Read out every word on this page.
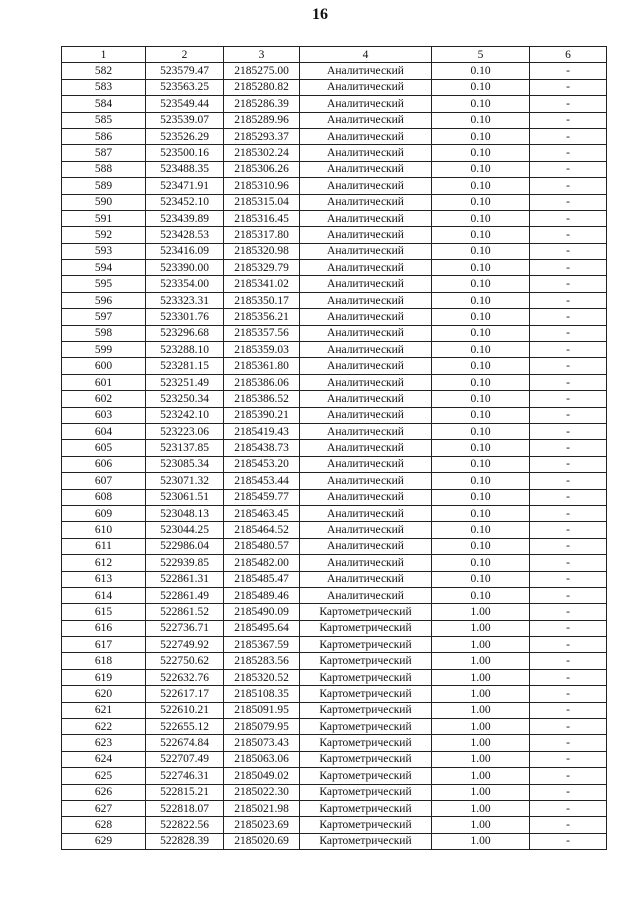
16
1	2	3	4	5	6
582	523579.47	2185275.00	Аналитический	0.10	-
583	523563.25	2185280.82	Аналитический	0.10	-
584	523549.44	2185286.39	Аналитический	0.10	-
585	523539.07	2185289.96	Аналитический	0.10	-
586	523526.29	2185293.37	Аналитический	0.10	-
587	523500.16	2185302.24	Аналитический	0.10	-
588	523488.35	2185306.26	Аналитический	0.10	-
589	523471.91	2185310.96	Аналитический	0.10	-
590	523452.10	2185315.04	Аналитический	0.10	-
591	523439.89	2185316.45	Аналитический	0.10	-
592	523428.53	2185317.80	Аналитический	0.10	-
593	523416.09	2185320.98	Аналитический	0.10	-
594	523390.00	2185329.79	Аналитический	0.10	-
595	523354.00	2185341.02	Аналитический	0.10	-
596	523323.31	2185350.17	Аналитический	0.10	-
597	523301.76	2185356.21	Аналитический	0.10	-
598	523296.68	2185357.56	Аналитический	0.10	-
599	523288.10	2185359.03	Аналитический	0.10	-
600	523281.15	2185361.80	Аналитический	0.10	-
601	523251.49	2185386.06	Аналитический	0.10	-
602	523250.34	2185386.52	Аналитический	0.10	-
603	523242.10	2185390.21	Аналитический	0.10	-
604	523223.06	2185419.43	Аналитический	0.10	-
605	523137.85	2185438.73	Аналитический	0.10	-
606	523085.34	2185453.20	Аналитический	0.10	-
607	523071.32	2185453.44	Аналитический	0.10	-
608	523061.51	2185459.77	Аналитический	0.10	-
609	523048.13	2185463.45	Аналитический	0.10	-
610	523044.25	2185464.52	Аналитический	0.10	-
611	522986.04	2185480.57	Аналитический	0.10	-
612	522939.85	2185482.00	Аналитический	0.10	-
613	522861.31	2185485.47	Аналитический	0.10	-
614	522861.49	2185489.46	Аналитический	0.10	-
615	522861.52	2185490.09	Картометрический	1.00	-
616	522736.71	2185495.64	Картометрический	1.00	-
617	522749.92	2185367.59	Картометрический	1.00	-
618	522750.62	2185283.56	Картометрический	1.00	-
619	522632.76	2185320.52	Картометрический	1.00	-
620	522617.17	2185108.35	Картометрический	1.00	-
621	522610.21	2185091.95	Картометрический	1.00	-
622	522655.12	2185079.95	Картометрический	1.00	-
623	522674.84	2185073.43	Картометрический	1.00	-
624	522707.49	2185063.06	Картометрический	1.00	-
625	522746.31	2185049.02	Картометрический	1.00	-
626	522815.21	2185022.30	Картометрический	1.00	-
627	522818.07	2185021.98	Картометрический	1.00	-
628	522822.56	2185023.69	Картометрический	1.00	-
629	522828.39	2185020.69	Картометрический	1.00	-
